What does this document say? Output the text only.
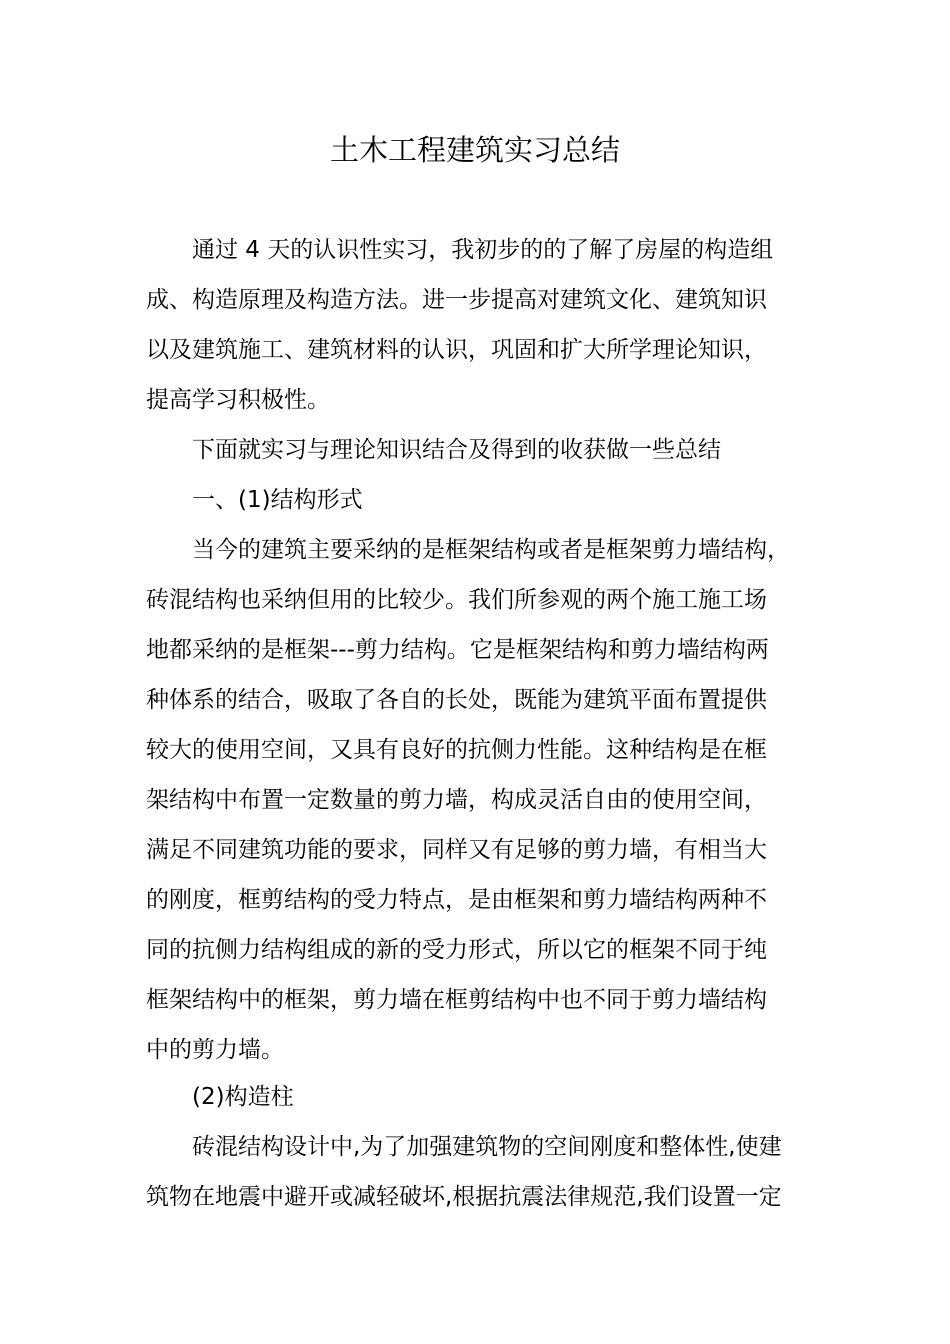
土木工程建筑实习总结
通过 4 天的认识性实习，我初步的的了解了房屋的构造组
成、构造原理及构造方法。进一步提高对建筑文化、建筑知识
以及建筑施工、建筑材料的认识，巩固和扩大所学理论知识，
提高学习积极性。
下面就实习与理论知识结合及得到的收获做一些总结
一、(1)结构形式
当今的建筑主要采纳的是框架结构或者是框架剪力墙结构，
砖混结构也采纳但用的比较少。我们所参观的两个施工施工场
地都采纳的是框架---剪力结构。它是框架结构和剪力墙结构两
种体系的结合，吸取了各自的长处，既能为建筑平面布置提供
较大的使用空间，又具有良好的抗侧力性能。这种结构是在框
架结构中布置一定数量的剪力墙，构成灵活自由的使用空间，
满足不同建筑功能的要求，同样又有足够的剪力墙，有相当大
的刚度，框剪结构的受力特点，是由框架和剪力墙结构两种不
同的抗侧力结构组成的新的受力形式，所以它的框架不同于纯
框架结构中的框架，剪力墙在框剪结构中也不同于剪力墙结构
中的剪力墙。
(2)构造柱
砖混结构设计中,为了加强建筑物的空间刚度和整体性,使建
筑物在地震中避开或减轻破坏,根据抗震法律规范,我们设置一定
